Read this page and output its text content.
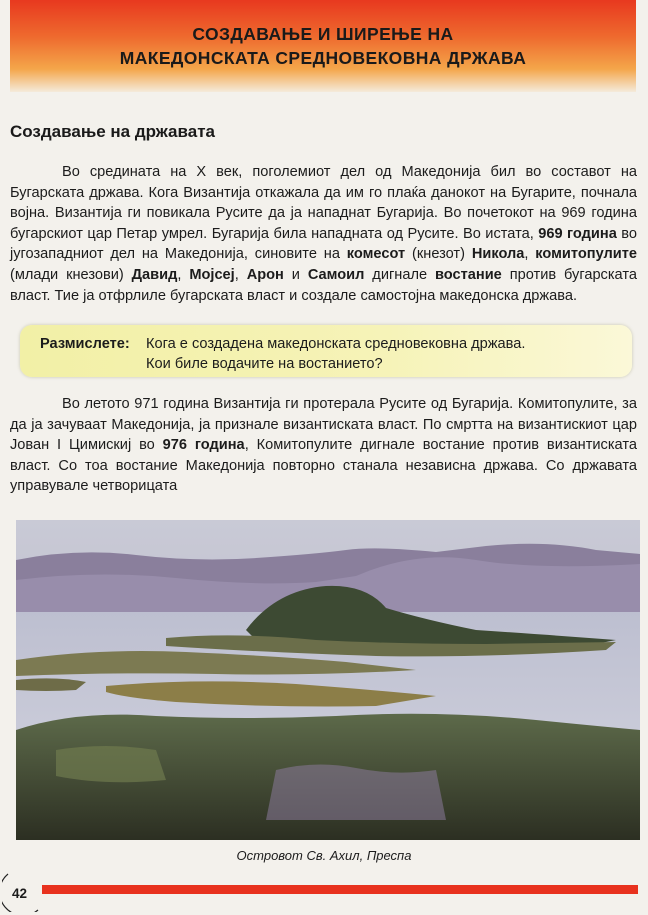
СОЗДАВАЊЕ И ШИРЕЊЕ НА
МАКЕДОНСКАТА СРЕДНОВЕКОВНА ДРЖАВА
Создавање на државата
Во средината на X век, поголемиот дел од Македонија бил во составот на Бугарската држава. Кога Византија откажала да им го плаќа данокот на Бугарите, почнала војна. Византија ги повикала Русите да ја нападнат Бугарија. Во почетокот на 969 година бугарскиот цар Петар умрел. Бугарија била нападната од Русите. Во истата, 969 година во југозападниот дел на Македонија, синовите на комесот (кнезот) Никола, комитопулите (млади кнезови) Давид, Мојсеј, Арон и Самоил дигнале востание против бугарската власт. Тие ја отфрлиле бугарската власт и создале самостојна македонска држава.
Размислете: Кога е создадена македонската средновековна држава.
Кои биле водачите на востанието?
Во летото 971 година Византија ги протерала Русите од Бугарија. Комитопулите, за да ја зачуваат Македонија, ја признале византиската власт. По смртта на византискиот цар Јован I Цимискиј во 976 година, Комитопулите дигнале востание против византиската власт. Со тоа востание Македонија повторно станала независна држава. Со државата управувале четворицата
Островот Св. Ахил, Преспа
42
